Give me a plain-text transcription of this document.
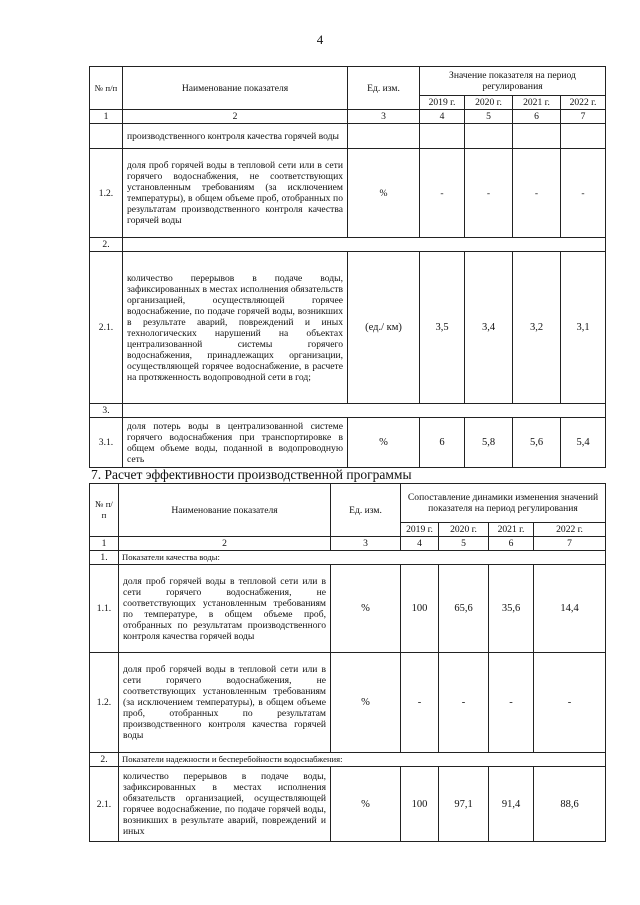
4
№ п/п	Наименование показателя	Ед. изм.	Значение показателя на период регулирования			
			2019 г.	2020 г.	2021 г.	2022 г.
1	2	3	4	5	6	7
	производственного контроля качества горячей воды					
1.2.	доля проб горячей воды в тепловой сети или в сети горячего водоснабжения, не соответствующих установленным требованиям (за исключением температуры), в общем объеме проб, отобранных по результатам производственного контроля качества горячей воды	%	-	-	-	-
2.						
2.1.	количество перерывов в подаче воды, зафиксированных в местах исполнения обязательств организацией, осуществляющей горячее водоснабжение, по подаче горячей воды, возникших в результате аварий, повреждений и иных технологических нарушений на объектах централизованной системы горячего водоснабжения, принадлежащих организации, осуществляющей горячее водоснабжение, в расчете на протяженность водопроводной сети в год;	(ед./ км)	3,5	3,4	3,2	3,1
3.						
3.1.	доля потерь воды в централизованной системе горячего водоснабжения при транспортировке в общем объеме воды, поданной в водопроводную сеть	%	6	5,8	5,6	5,4
7. Расчет эффективности производственной программы
№ п/п	Наименование показателя	Ед. изм.	Сопоставление динамики изменения значений показателя на период регулирования			
			2019 г.	2020 г.	2021 г.	2022 г.
1	2	3	4	5	6	7
1.	Показатели качества воды:					
1.1.	доля проб горячей воды в тепловой сети или в сети горячего водоснабжения, не соответствующих установленным требованиям по температуре, в общем объеме проб, отобранных по результатам производственного контроля качества горячей воды	%	100	65,6	35,6	14,4
1.2.	доля проб горячей воды в тепловой сети или в сети горячего водоснабжения, не соответствующих установленным требованиям (за исключением температуры), в общем объеме проб, отобранных по результатам производственного контроля качества горячей воды	%	-	-	-	-
2.	Показатели надежности и бесперебойности водоснабжения:					
2.1.	количество перерывов в подаче воды, зафиксированных в местах исполнения обязательств организацией, осуществляющей горячее водоснабжение, по подаче горячей воды, возникших в результате аварий, повреждений и иных	%	100	97,1	91,4	88,6
